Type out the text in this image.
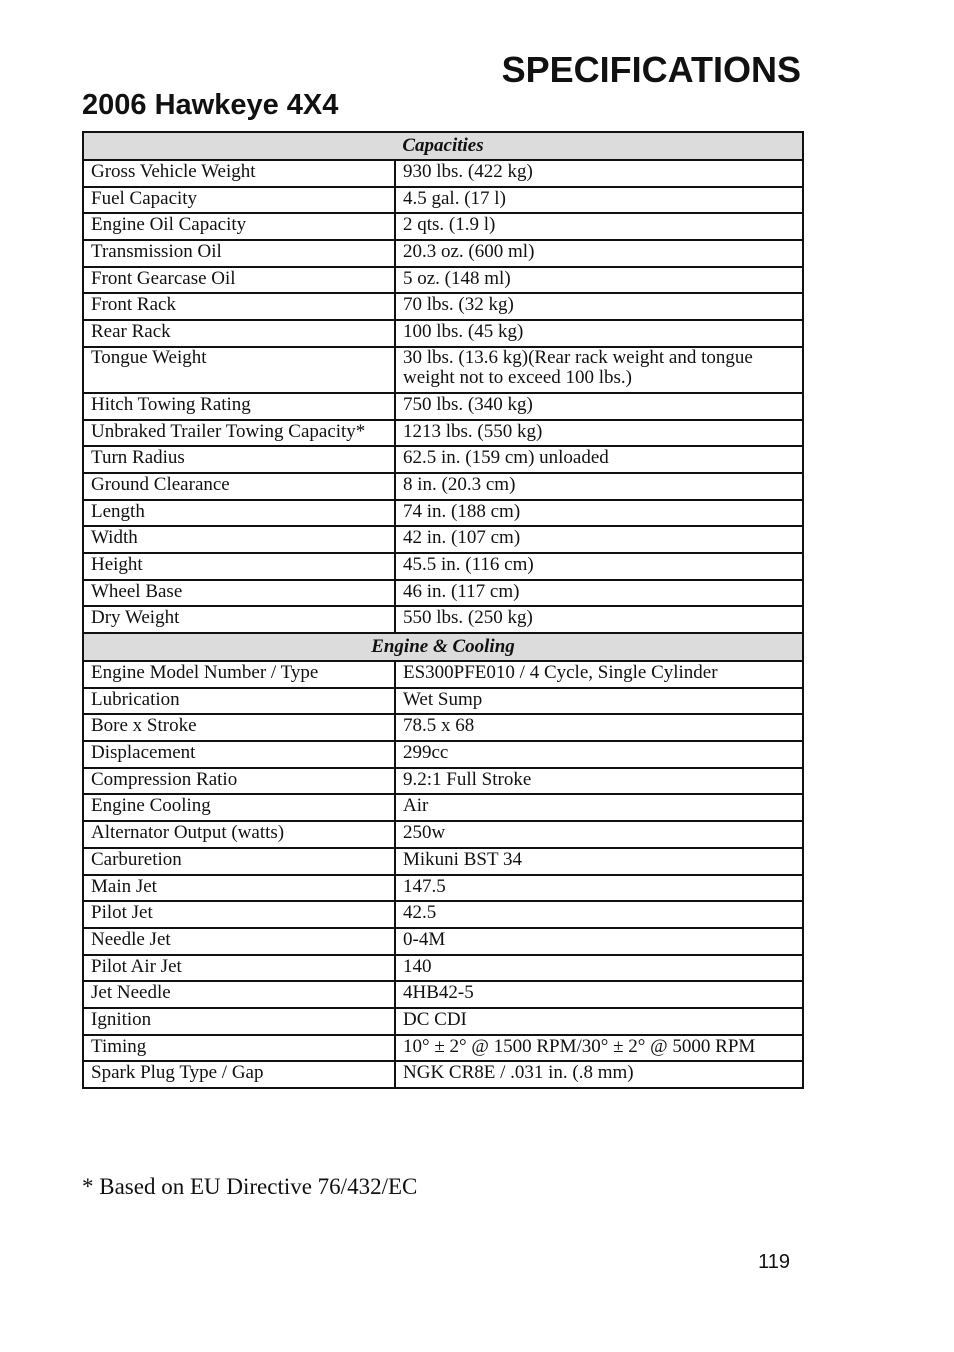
SPECIFICATIONS
2006 Hawkeye 4X4
Capacities	
Gross Vehicle Weight	930 lbs. (422 kg)
Fuel Capacity	4.5 gal. (17 l)
Engine Oil Capacity	2 qts. (1.9 l)
Transmission Oil	20.3 oz. (600 ml)
Front Gearcase Oil	5 oz. (148 ml)
Front Rack	70 lbs. (32 kg)
Rear Rack	100 lbs. (45 kg)
Tongue Weight	30 lbs. (13.6 kg)(Rear rack weight and tongue weight not to exceed 100 lbs.)
Hitch Towing Rating	750 lbs. (340 kg)
Unbraked Trailer Towing Capacity*	1213 lbs. (550 kg)
Turn Radius	62.5 in. (159 cm) unloaded
Ground Clearance	8 in. (20.3 cm)
Length	74 in. (188 cm)
Width	42 in. (107 cm)
Height	45.5 in. (116 cm)
Wheel Base	46 in. (117 cm)
Dry Weight	550 lbs. (250 kg)
Engine & Cooling	
Engine Model Number / Type	ES300PFE010 / 4 Cycle, Single Cylinder
Lubrication	Wet Sump
Bore x Stroke	78.5 x 68
Displacement	299cc
Compression Ratio	9.2:1 Full Stroke
Engine Cooling	Air
Alternator Output (watts)	250w
Carburetion	Mikuni BST 34
Main Jet	147.5
Pilot Jet	42.5
Needle Jet	0-4M
Pilot Air Jet	140
Jet Needle	4HB42-5
Ignition	DC CDI
Timing	10° ± 2° @ 1500 RPM/30° ± 2° @ 5000 RPM
Spark Plug Type / Gap	NGK CR8E / .031 in. (.8 mm)
* Based on EU Directive 76/432/EC
119
